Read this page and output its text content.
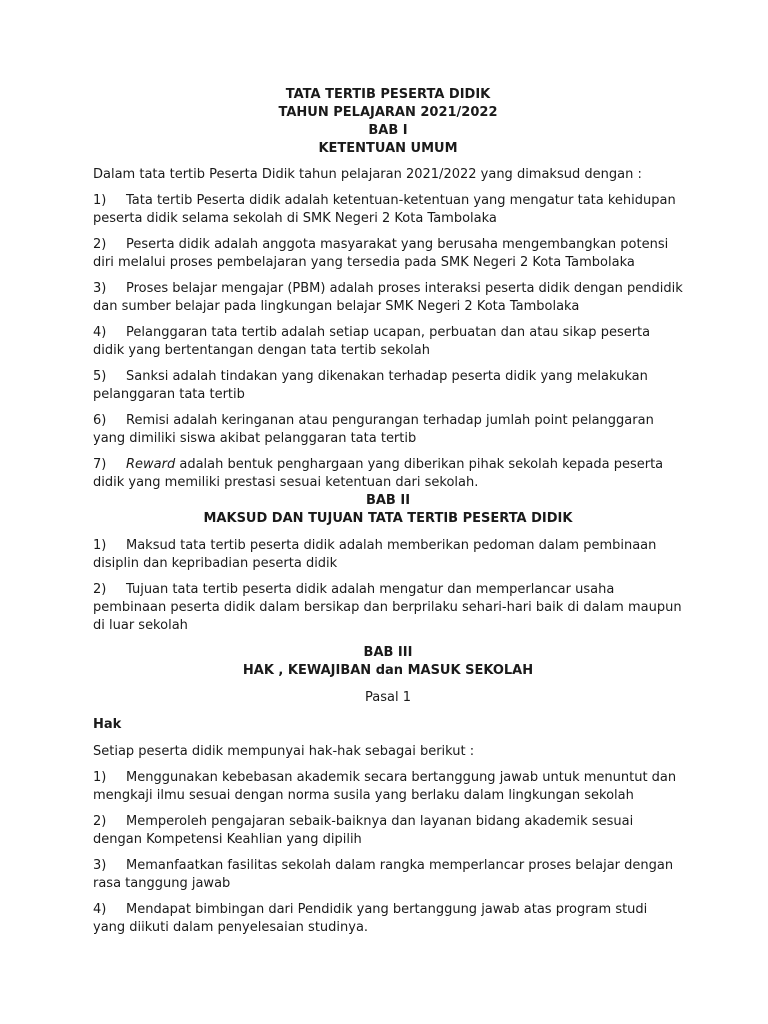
TATA TERTIB PESERTA DIDIK

TAHUN PELAJARAN 2021/2022

BAB I

KETENTUAN UMUM

Dalam tata tertib Peserta Didik tahun pelajaran 2021/2022 yang dimaksud dengan :

1) Tata tertib Peserta didik adalah ketentuan-ketentuan yang mengatur tata kehidupan peserta didik selama sekolah di SMK Negeri 2 Kota Tambolaka

2) Peserta didik adalah anggota masyarakat yang berusaha mengembangkan potensi diri melalui proses pembelajaran yang tersedia pada SMK Negeri 2 Kota Tambolaka

3) Proses belajar mengajar (PBM) adalah proses interaksi peserta didik dengan pendidik dan sumber belajar pada lingkungan belajar SMK Negeri 2 Kota Tambolaka

4) Pelanggaran tata tertib adalah setiap ucapan, perbuatan dan atau sikap peserta didik yang bertentangan dengan tata tertib sekolah

5) Sanksi adalah tindakan yang dikenakan terhadap peserta didik yang melakukan pelanggaran tata tertib

6) Remisi adalah keringanan atau pengurangan terhadap jumlah point pelanggaran yang dimiliki siswa akibat pelanggaran tata tertib

7) Reward adalah bentuk penghargaan yang diberikan pihak sekolah kepada peserta didik yang memiliki prestasi sesuai ketentuan dari sekolah.

BAB II

MAKSUD DAN TUJUAN TATA TERTIB PESERTA DIDIK

1) Maksud tata tertib peserta didik adalah memberikan pedoman dalam pembinaan disiplin dan kepribadian peserta didik

2) Tujuan tata tertib peserta didik adalah mengatur dan memperlancar usaha pembinaan peserta didik dalam bersikap dan berprilaku sehari-hari baik di dalam maupun di luar sekolah

BAB III

HAK , KEWAJIBAN dan MASUK SEKOLAH

Pasal 1

Hak

Setiap peserta didik mempunyai hak-hak sebagai berikut :

1) Menggunakan kebebasan akademik secara bertanggung jawab untuk menuntut dan mengkaji ilmu sesuai dengan norma susila yang berlaku dalam lingkungan sekolah

2) Memperoleh pengajaran sebaik-baiknya dan layanan bidang akademik sesuai dengan Kompetensi Keahlian yang dipilih

3) Memanfaatkan fasilitas sekolah dalam rangka memperlancar proses belajar dengan rasa tanggung jawab

4) Mendapat bimbingan dari Pendidik yang bertanggung jawab atas program studi yang diikuti dalam penyelesaian studinya.
